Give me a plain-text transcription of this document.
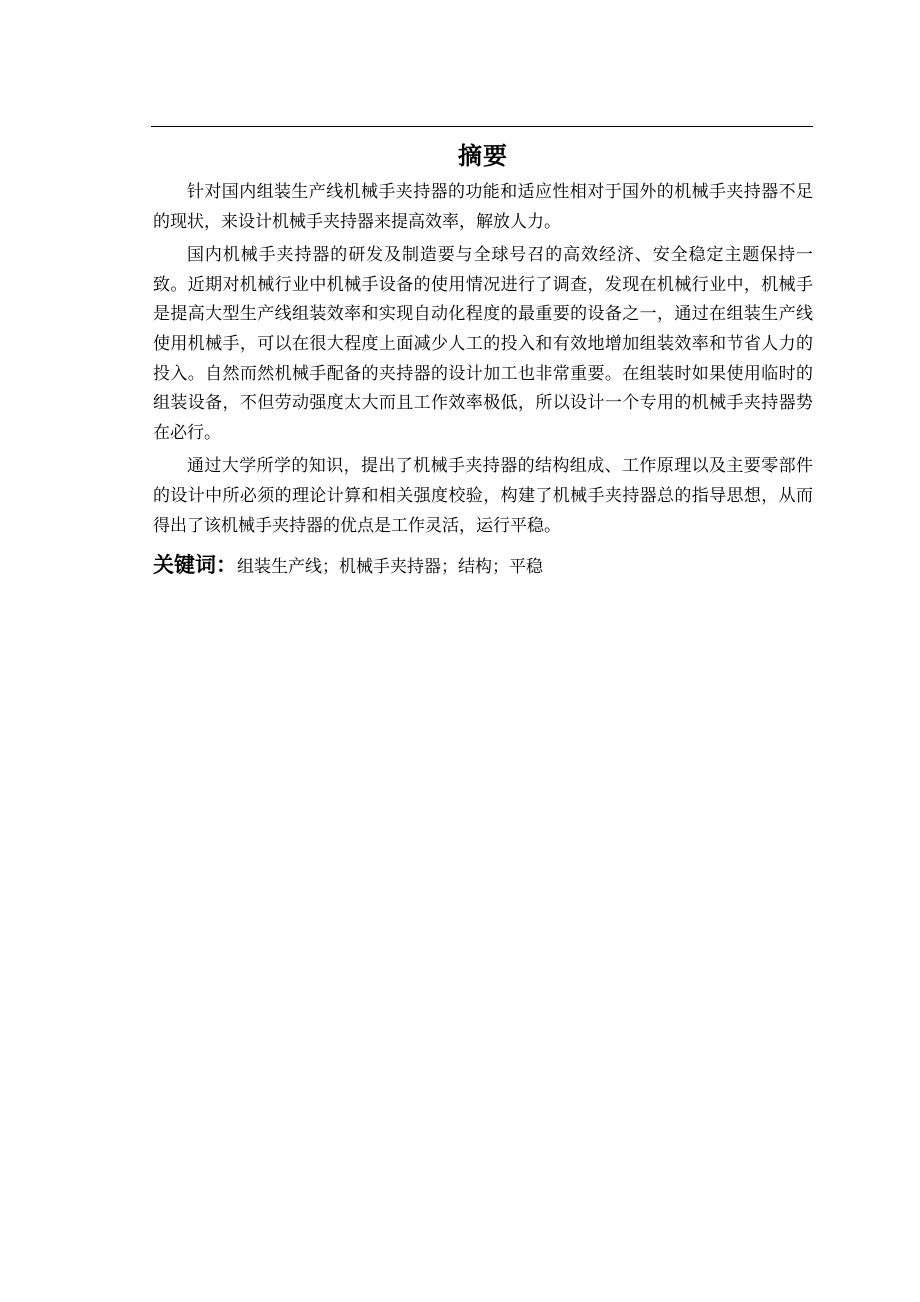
摘要

针对国内组装生产线机械手夹持器的功能和适应性相对于国外的机械手夹持器不足的现状，来设计机械手夹持器来提高效率，解放人力。

国内机械手夹持器的研发及制造要与全球号召的高效经济、安全稳定主题保持一致。近期对机械行业中机械手设备的使用情况进行了调查，发现在机械行业中，机械手是提高大型生产线组装效率和实现自动化程度的最重要的设备之一，通过在组装生产线使用机械手，可以在很大程度上面减少人工的投入和有效地增加组装效率和节省人力的投入。自然而然机械手配备的夹持器的设计加工也非常重要。在组装时如果使用临时的组装设备，不但劳动强度太大而且工作效率极低，所以设计一个专用的机械手夹持器势在必行。

通过大学所学的知识，提出了机械手夹持器的结构组成、工作原理以及主要零部件的设计中所必须的理论计算和相关强度校验，构建了机械手夹持器总的指导思想，从而得出了该机械手夹持器的优点是工作灵活，运行平稳。

关键词：组装生产线；机械手夹持器；结构；平稳
